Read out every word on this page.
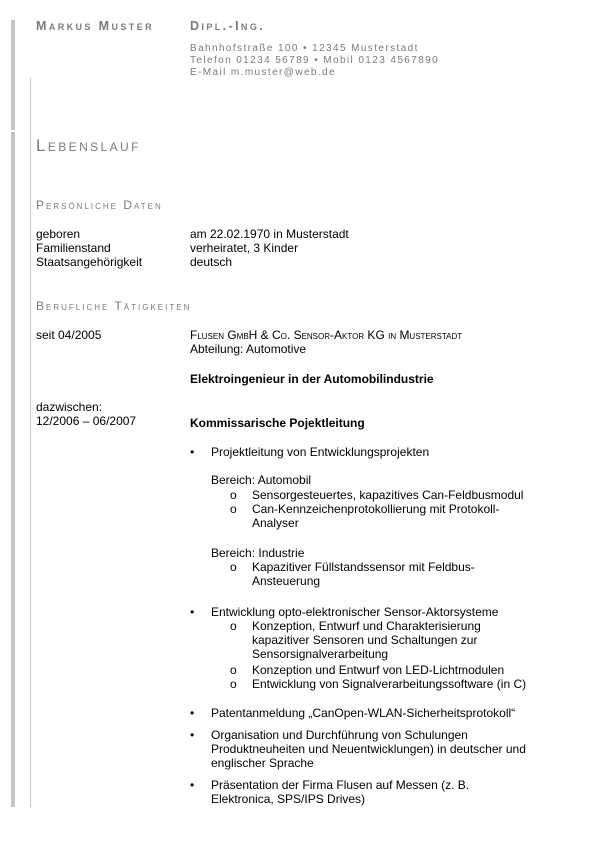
Markus Muster	Dipl.-Ing.
Bahnhofstraße 100 • 12345 Musterstadt
Telefon 01234 56789 • Mobil 0123 4567890
E-Mail m.muster@web.de
Lebenslauf
Persönliche Daten
geboren	am 22.02.1970 in Musterstadt
Familienstand	verheiratet, 3 Kinder
Staatsangehörigkeit	deutsch
Berufliche Tätigkeiten
seit 04/2005	Flusen GmbH & Co. Sensor-Aktor KG in Musterstadt
Abteilung: Automotive
Elektroingenieur in der Automobilindustrie
dazwischen:
12/2006 – 06/2007	Kommissarische Pojektleitung
• Projektleitung von Entwicklungsprojekten
Bereich: Automobil
o Sensorgesteuertes, kapazitives Can-Feldbusmodul
o Can-Kennzeichenprotokollierung mit Protokoll-Analyser
Bereich: Industrie
o Kapazitiver Füllstandssensor mit Feldbus-Ansteuerung
• Entwicklung opto-elektronischer Sensor-Aktorsysteme
o Konzeption, Entwurf und Charakterisierung kapazitiver Sensoren und Schaltungen zur Sensorsignalverarbeitung
o Konzeption und Entwurf von LED-Lichtmodulen
o Entwicklung von Signalverarbeitungssoftware (in C)
• Patentanmeldung „CanOpen-WLAN-Sicherheitsprotokoll“
• Organisation und Durchführung von Schulungen Produktneuheiten und Neuentwicklungen) in deutscher und englischer Sprache
• Präsentation der Firma Flusen auf Messen (z. B. Elektronica, SPS/IPS Drives)
